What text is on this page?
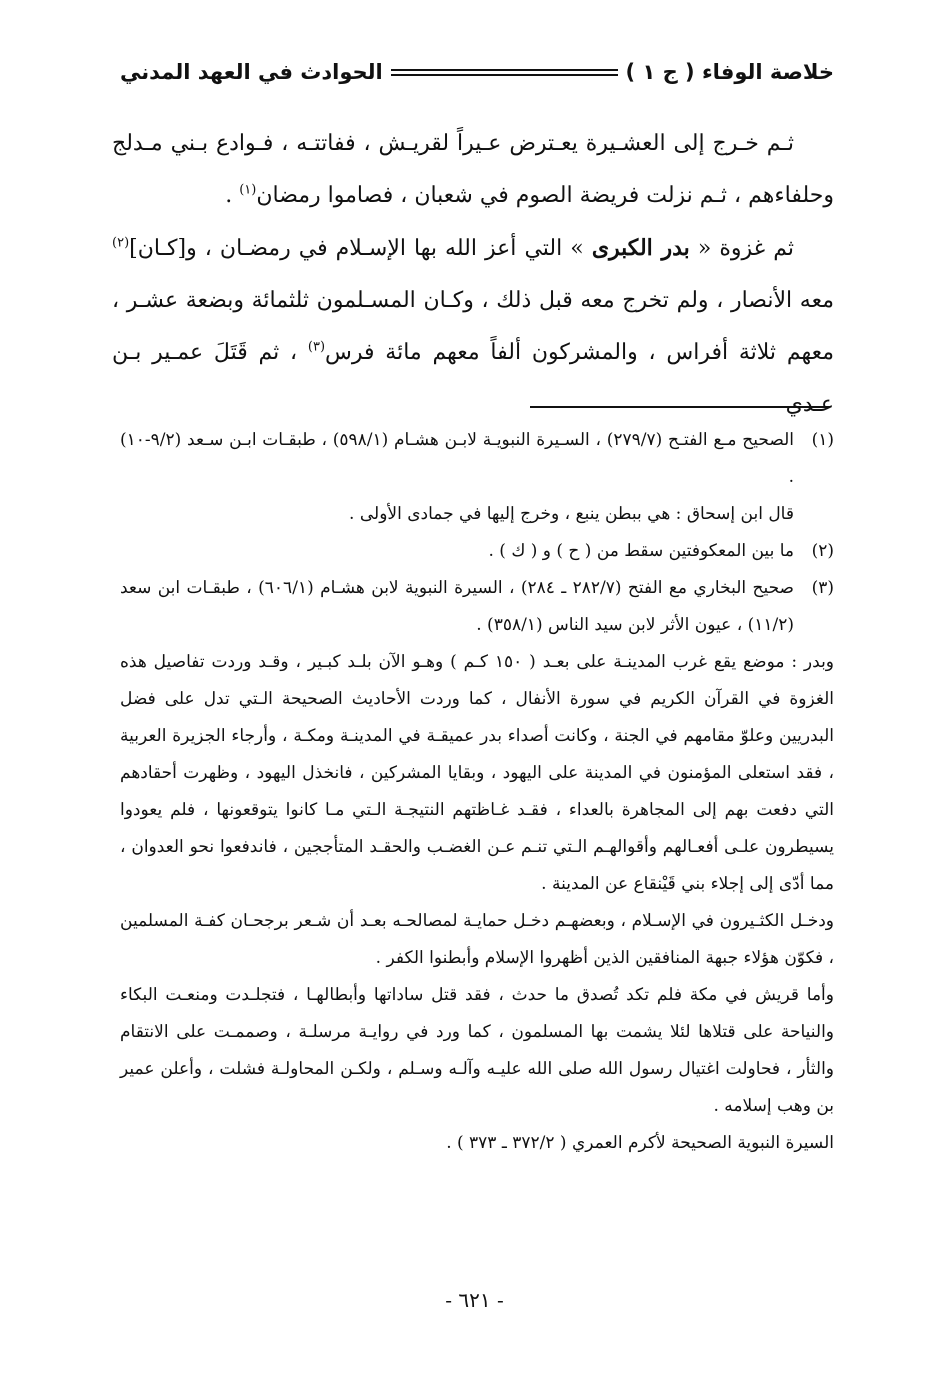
خلاصة الوفاء ( ج ١ )
الحوادث في العهد المدني

ثـم خـرج إلى العشـيرة يعـترض عـيراً لقريـش ، ففاتتـه ، فـوادع بـني مـدلج وحلفاءهم ، ثـم نزلت فريضة الصوم في شعبان ، فصاموا رمضان$^{(١)}$ .

ثم غزوة « بدر الكبرى » التي أعز الله بها الإسـلام في رمضـان ، و[كـان]$^{(٢)}$ معه الأنصار ، ولم تخرج معه قبل ذلك ، وكـان المسـلمون ثلثمائة وبضعة عشـر ، معهم ثلاثة أفراس ، والمشركون ألفاً معهم مائة فرس$^{(٣)}$ ، ثم قَتَلَ عمـير بـن عـدي

(١)

الصحيح مـع الفتـح (٢٧٩/٧) ، السـيرة النبويـة لابـن هشـام (٥٩٨/١) ، طبقـات ابـن سـعد (٩/٢-١٠) .

قال ابن إسحاق : هي ببطن ينبع ، وخرج إليها في جمادى الأولى .

(٢)

ما بين المعكوفتين سقط من ( ح ) و ( ك ) .

(٣)

صحيح البخاري مع الفتح (٢٨٢/٧ ـ ٢٨٤) ، السيرة النبوية لابن هشـام (٦٠٦/١) ، طبقـات ابن سعد (١١/٢) ، عيون الأثر لابن سيد الناس (٣٥٨/١) .

وبدر : موضع يقع غرب المدينـة على بعـد ( ١٥٠ كـم ) وهـو الآن بلـد كبـير ، وقـد وردت تفاصيل هذه الغزوة في القرآن الكريم في سورة الأنفال ، كما وردت الأحاديث الصحيحة الـتي تدل على فضل البدريين وعلوّ مقامهم في الجنة ، وكانت أصداء بدر عميقـة في المدينـة ومكـة ، وأرجاء الجزيرة العربية ، فقد استعلى المؤمنون في المدينة على اليهود ، وبقايا المشركين ، فانخذل اليهود ، وظهرت أحقادهم التي دفعت بهم إلى المجاهرة بالعداء ، فقـد غـاظتهم النتيجـة الـتي مـا كانوا يتوقعونها ، فلم يعودوا يسيطرون علـى أفعـالهم وأقوالهـم الـتي تنـم عـن الغضـب والحقـد المتأججين ، فاندفعوا نحو العدوان ، مما أدّى إلى إجلاء بني قَيْنقاع عن المدينة .

ودخـل الكثـيرون في الإسـلام ، وبعضهـم دخـل حمايـة لمصالحـه بعـد أن شـعر برجحـان كفـة المسلمين ، فكوّن هؤلاء جبهة المنافقين الذين أظهروا الإسلام وأبطنوا الكفر .

وأما قريش في مكة فلم تكد تُصدق ما حدث ، فقد قتل ساداتها وأبطالهـا ، فتجلـدت ومنعـت البكاء والنياحة على قتلاها لئلا يشمت بها المسلمون ، كما ورد في روايـة مرسلـة ، وصممـت على الانتقام والثأر ، فحاولت اغتيال رسول الله صلى الله عليـه وآلـه وسـلم ، ولكـن المحاولـة فشلت ، وأعلن عمير بن وهب إسلامه .

السيرة النبوية الصحيحة لأكرم العمري ( ٣٧٢/٢ ـ ٣٧٣ ) .

- ٦٢١ -
